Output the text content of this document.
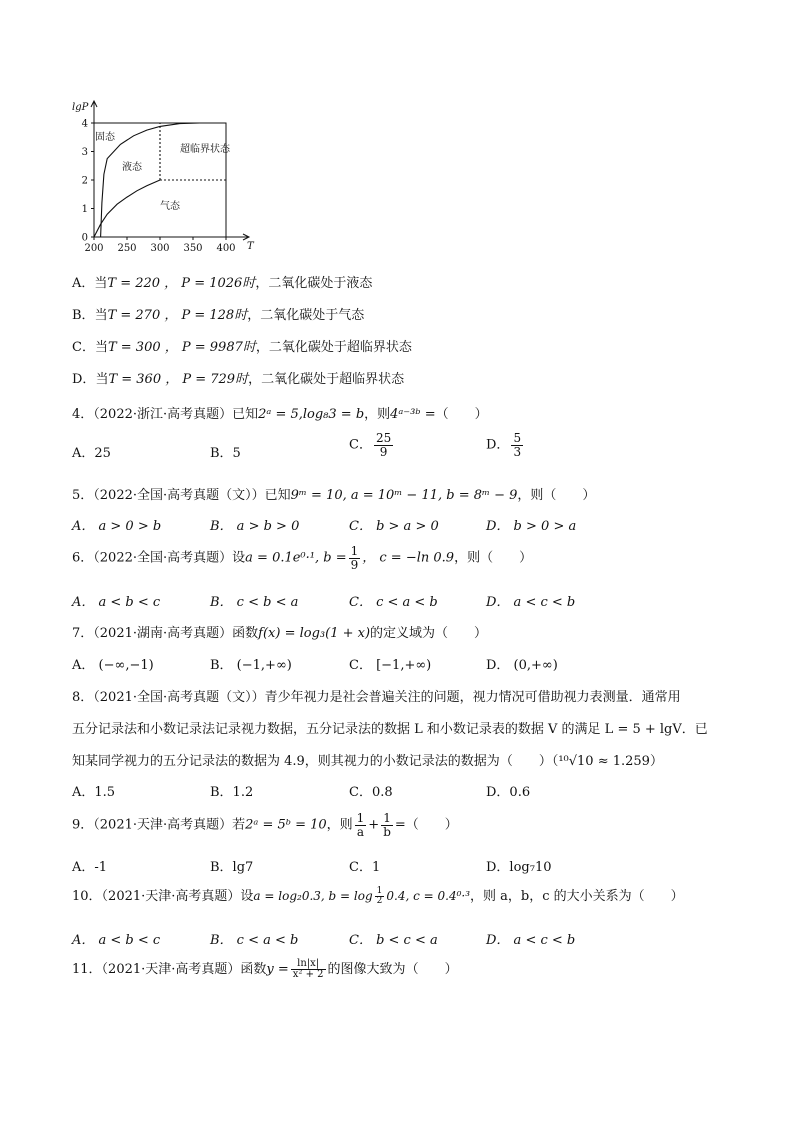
0
1
2
3
4
200 250 300 350 400
lgP
T
固态
液态
超临界状态
气态
A．当T = 220 ， P = 1026时，二氧化碳处于液态
B．当T = 270 ， P = 128时，二氧化碳处于气态
C．当T = 300 ， P = 9987时，二氧化碳处于超临界状态
D．当T = 360 ， P = 729时，二氧化碳处于超临界状态
4．（2022·浙江·高考真题）已知2ᵃ = 5,log₈3 = b，则4ᵃ⁻³ᵇ =（　　）
A．25	B．5
C． $\frac{25}{9}$	D． $\frac{5}{3}$
5．（2022·全国·高考真题（文））已知9ᵐ = 10, a = 10ᵐ − 11, b = 8ᵐ − 9，则（　　）
A． a > 0 > b	B． a > b > 0	C． b > a > 0	D． b > 0 > a
6．（2022·全国·高考真题）设a = 0.1e⁰·¹, $b = \frac{1}{9}$ ， c = −ln 0.9，则（　　）
A． a < b < c	B． c < b < a	C． c < a < b	D． a < c < b
7．（2021·湖南·高考真题）函数f(x) = log₃(1 + x)的定义域为（　　）
A． (−∞,−1)	B． (−1,+∞)	C． [−1,+∞)	D． (0,+∞)
8．（2021·全国·高考真题（文））青少年视力是社会普遍关注的问题，视力情况可借助视力表测量．通常用
五分记录法和小数记录法记录视力数据，五分记录法的数据 L 和小数记录表的数据 V 的满足 L = 5 + lgV．已
知某同学视力的五分记录法的数据为 4.9，则其视力的小数记录法的数据为（　　）（¹⁰√10 ≈ 1.259）
A．1.5	B．1.2	C．0.8	D．0.6
9．（2021·天津·高考真题）若2ᵃ = 5ᵇ = 10，则 $\frac{1}{a} + \frac{1}{b}$ =（　　）
A．-1	B．lg7	C．1	D．log₇10
10．（2021·天津·高考真题）设a = log₂0.3, $b = \log \frac{1}{2} 0.4$, c = 0.4⁰·³，则 a，b，c 的大小关系为（　　）
A． a < b < c	B． c < a < b	C． b < c < a	D． a < c < b
11．（2021·天津·高考真题）函数$y = \frac{\ln|x|}{\text{x² + 2}}$ 的图像大致为（　　）
